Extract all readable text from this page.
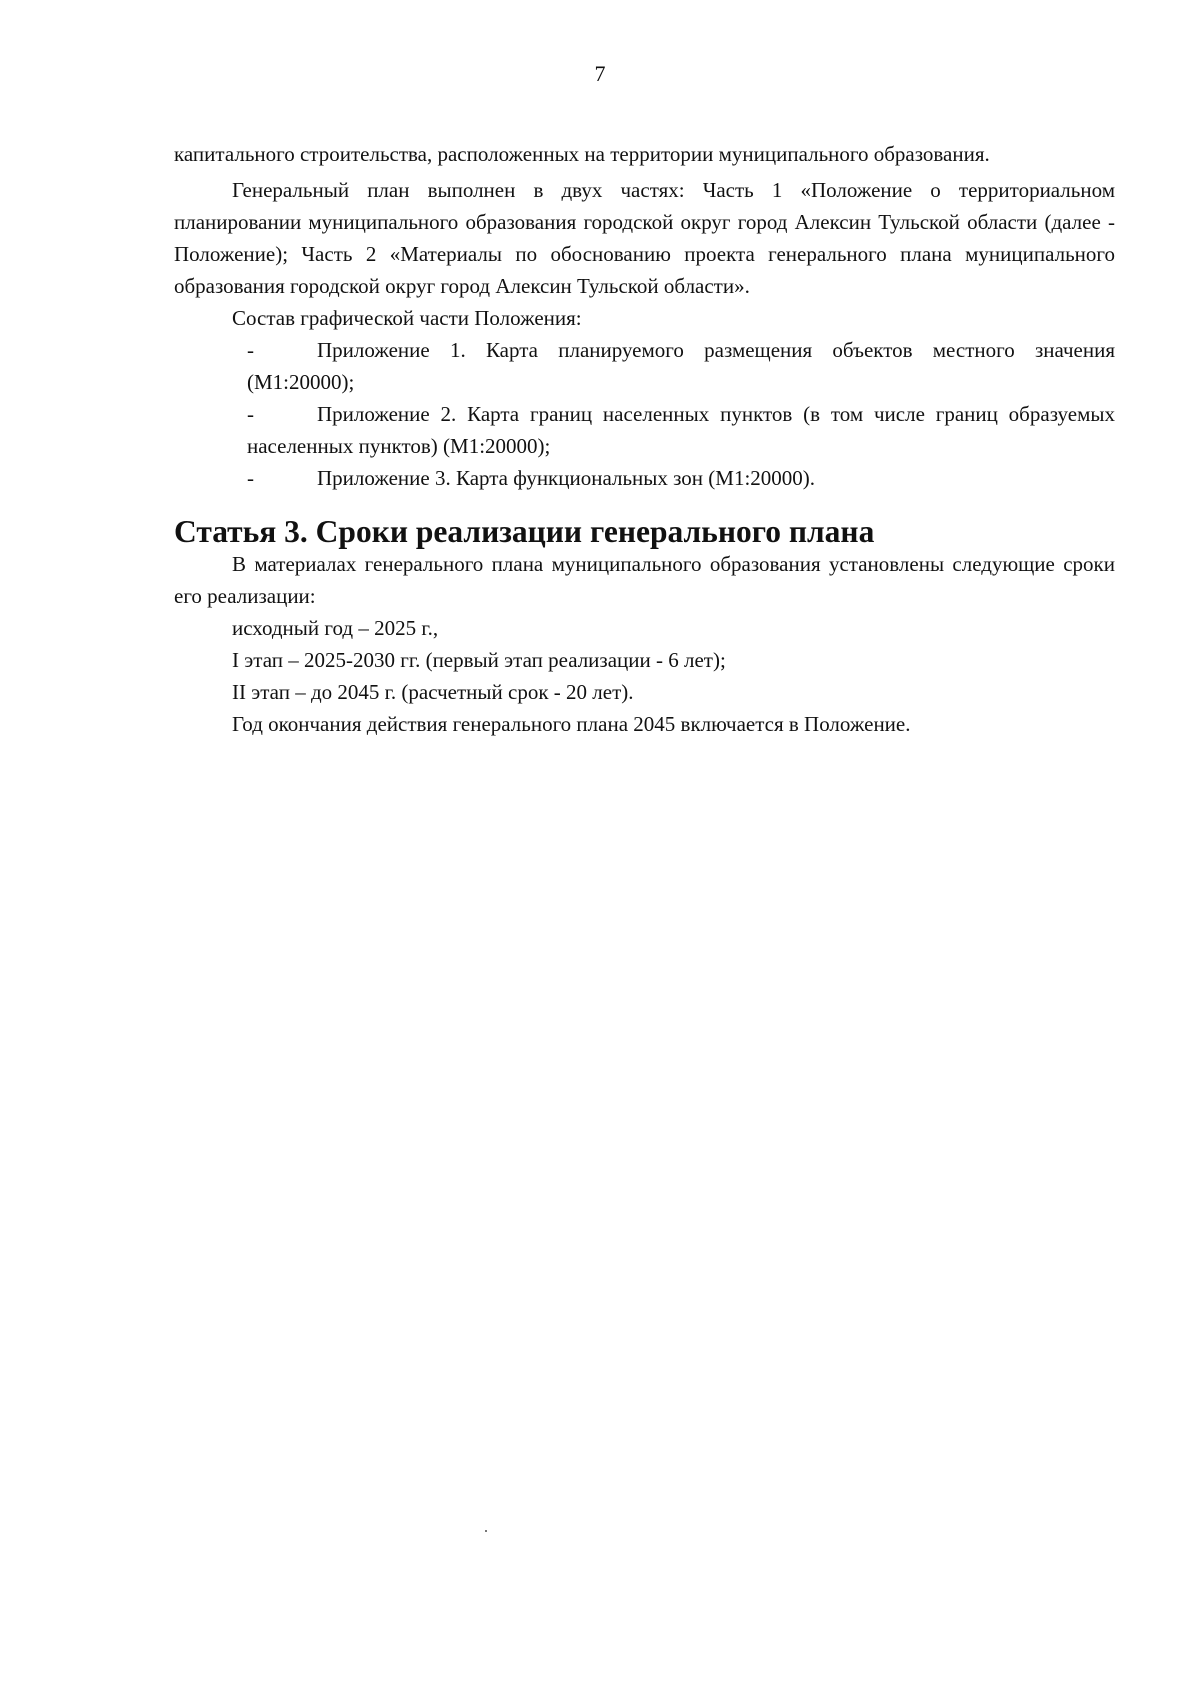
7

капитального строительства, расположенных на территории муниципального образования.

Генеральный план выполнен в двух частях: Часть 1 «Положение о территориальном планировании муниципального образования городской округ город Алексин Тульской области (далее - Положение); Часть 2 «Материалы по обоснованию проекта генерального плана муниципального образования городской округ город Алексин Тульской области».

Состав графической части Положения:

-	Приложение 1. Карта планируемого размещения объектов местного значения (М1:20000);
-	Приложение 2. Карта границ населенных пунктов (в том числе границ образуемых населенных пунктов) (М1:20000);
-	Приложение 3. Карта функциональных зон (М1:20000).
Статья 3. Сроки реализации генерального плана

В материалах генерального плана муниципального образования установлены следующие сроки его реализации:

исходный год – 2025 г.,

I этап – 2025-2030 гг. (первый этап реализации - 6 лет);

II этап – до 2045 г. (расчетный срок - 20 лет).

Год окончания действия генерального плана 2045 включается в Положение.
